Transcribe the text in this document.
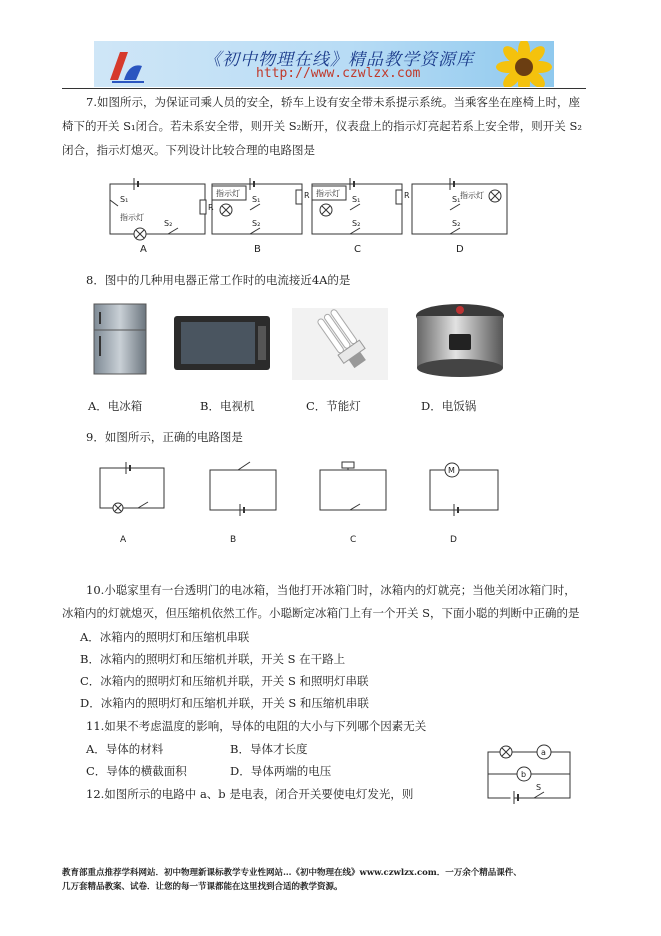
《初中物理在线》精品教学资源库
http://www.czwlzx.com
7.如图所示，为保证司乘人员的安全，轿车上设有安全带未系提示系统。当乘客坐在座椅上时，座
椅下的开关 S₁闭合。若未系安全带，则开关 S₂断开，仪表盘上的指示灯亮起若系上安全带，则开关 S₂
闭合，指示灯熄灭。下列设计比较合理的电路图是
S₁
指示灯
S₂
R
指示灯
S₁
S₂
R 指示灯
S₁
S₂
R	指示灯
S₁
S₂
A	B	C	D
8．图中的几种用电器正常工作时的电流接近4A的是
A．电冰箱	B．电视机	C．节能灯	D．电饭锅
9．如图所示，正确的电路图是
M
A	B	C	D
10.小聪家里有一台透明门的电冰箱，当他打开冰箱门时，冰箱内的灯就亮；当他关闭冰箱门时，
冰箱内的灯就熄灭，但压缩机依然工作。小聪断定冰箱门上有一个开关 S，下面小聪的判断中正确的是
A．冰箱内的照明灯和压缩机串联
B．冰箱内的照明灯和压缩机并联，开关 S 在干路上
C．冰箱内的照明灯和压缩机并联，开关 S 和照明灯串联
D．冰箱内的照明灯和压缩机并联，开关 S 和压缩机串联
11.如果不考虑温度的影响，导体的电阻的大小与下列哪个因素无关
A．导体的材料	B．导体才长度
C．导体的横截面积	D．导体两端的电压
12.如图所示的电路中 a、b 是电表，闭合开关要使电灯发光，则
a
b
S
教育部重点推荐学科网站．初中物理新课标教学专业性网站…《初中物理在线》www.czwlzx.com．一万余个精品课件、
几万套精品教案、试卷．让您的每一节课都能在这里找到合适的教学资源。
